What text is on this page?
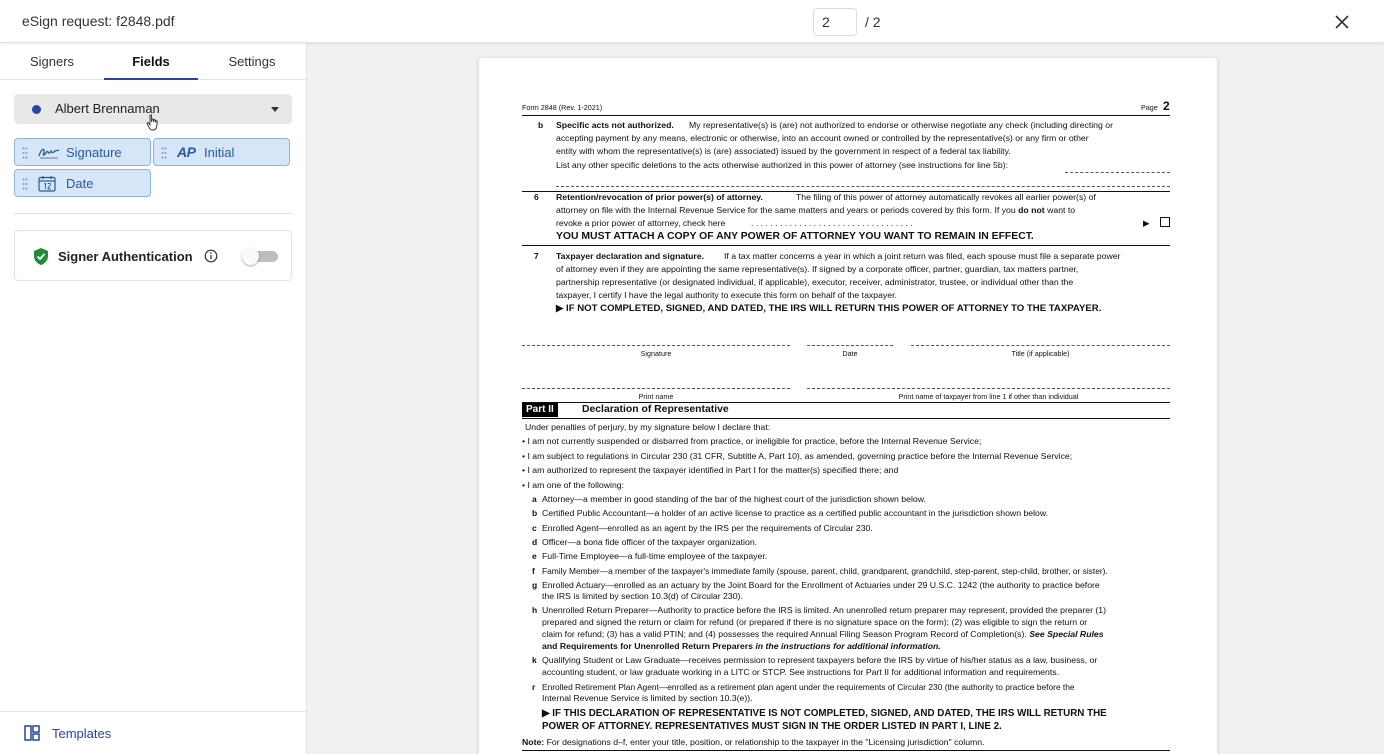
eSign request: f2848.pdf	2	/ 2
Signers	Fields	Settings
Albert Brennaman
Signature	AP Initial
Date
Signer Authentication
Templates
Form 2848 (Rev. 1-2021)	Page 2
b Specific acts not authorized. My representative(s) is (are) not authorized to endorse or otherwise negotiate any check (including directing or
accepting payment by any means, electronic or otherwise, into an account owned or controlled by the representative(s) or any firm or other
entity with whom the representative(s) is (are) associated) issued by the government in respect of a federal tax liability.
List any other specific deletions to the acts otherwise authorized in this power of attorney (see instructions for line 5b):
6 Retention/revocation of prior power(s) of attorney.	The filing of this power of attorney automatically revokes all earlier power(s) of
attorney on file with the Internal Revenue Service for the same matters and years or periods covered by this form. If you do not want to
revoke a prior power of attorney, check here	. . . . . . . . . . . . . . . . . . . . . . . . . . . . . . . . . .	▶
YOU MUST ATTACH A COPY OF ANY POWER OF ATTORNEY YOU WANT TO REMAIN IN EFFECT.
7 Taxpayer declaration and signature. If a tax matter concerns a year in which a joint return was filed, each spouse must file a separate power
of attorney even if they are appointing the same representative(s). If signed by a corporate officer, partner, guardian, tax matters partner,
partnership representative (or designated individual, if applicable), executor, receiver, administrator, trustee, or individual other than the
taxpayer, I certify I have the legal authority to execute this form on behalf of the taxpayer.
▶ IF NOT COMPLETED, SIGNED, AND DATED, THE IRS WILL RETURN THIS POWER OF ATTORNEY TO THE TAXPAYER.
Signature	Date	Title (if applicable)
Print name	Print name of taxpayer from line 1 if other than individual
Part II	Declaration of Representative
Under penalties of perjury, by my signature below I declare that:
• I am not currently suspended or disbarred from practice, or ineligible for practice, before the Internal Revenue Service;
• I am subject to regulations in Circular 230 (31 CFR, Subtitle A, Part 10), as amended, governing practice before the Internal Revenue Service;
• I am authorized to represent the taxpayer identified in Part I for the matter(s) specified there; and
• I am one of the following:
a Attorney—a member in good standing of the bar of the highest court of the jurisdiction shown below.
b Certified Public Accountant—a holder of an active license to practice as a certified public accountant in the jurisdiction shown below.
c Enrolled Agent—enrolled as an agent by the IRS per the requirements of Circular 230.
d Officer—a bona fide officer of the taxpayer organization.
e Full-Time Employee—a full-time employee of the taxpayer.
f Family Member—a member of the taxpayer's immediate family (spouse, parent, child, grandparent, grandchild, step-parent, step-child, brother, or sister).
g Enrolled Actuary—enrolled as an actuary by the Joint Board for the Enrollment of Actuaries under 29 U.S.C. 1242 (the authority to practice before
the IRS is limited by section 10.3(d) of Circular 230).
h Unenrolled Return Preparer—Authority to practice before the IRS is limited. An unenrolled return preparer may represent, provided the preparer (1)
prepared and signed the return or claim for refund (or prepared if there is no signature space on the form); (2) was eligible to sign the return or
claim for refund; (3) has a valid PTIN; and (4) possesses the required Annual Filing Season Program Record of Completion(s). See Special Rules
and Requirements for Unenrolled Return Preparers in the instructions for additional information.
k Qualifying Student or Law Graduate—receives permission to represent taxpayers before the IRS by virtue of his/her status as a law, business, or
accounting student, or law graduate working in a LITC or STCP. See instructions for Part II for additional information and requirements.
r Enrolled Retirement Plan Agent—enrolled as a retirement plan agent under the requirements of Circular 230 (the authority to practice before the
Internal Revenue Service is limited by section 10.3(e)).
▶ IF THIS DECLARATION OF REPRESENTATIVE IS NOT COMPLETED, SIGNED, AND DATED, THE IRS WILL RETURN THE
POWER OF ATTORNEY. REPRESENTATIVES MUST SIGN IN THE ORDER LISTED IN PART I, LINE 2.
Note: For designations d–f, enter your title, position, or relationship to the taxpayer in the "Licensing jurisdiction" column.
